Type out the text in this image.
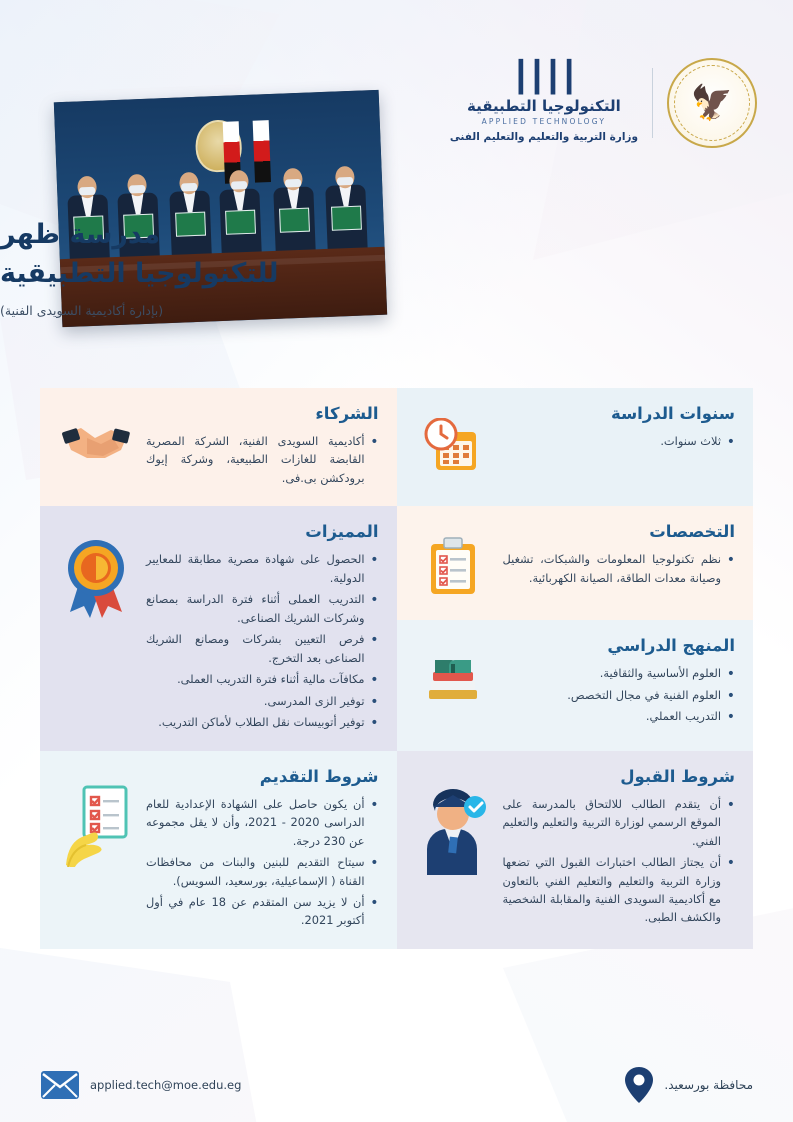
🦅
┃┃┃┃
التكنولوجيا التطبيقية
APPLIED TECHNOLOGY
وزارة التربية والتعليم والتعليم الفنى
مدرسة ظهر
للتكنولوجيا التطبيقية
(بإدارة أكاديمية السويدى الفنية)
سنوات الدراسة
• ثلاث سنوات.
الشركاء
• أكاديمية السويدى الفنية، الشركة المصرية القابضة للغازات الطبيعية، وشركة إيوك برودكشن بى.فى.
التخصصات
• نظم تكنولوجيا المعلومات والشبكات، تشغيل وصيانة معدات الطاقة، الصيانة الكهربائية.
المميزات
• الحصول على شهادة مصرية مطابقة للمعايير الدولية.
• التدريب العملى أثناء فترة الدراسة بمصانع وشركات الشريك الصناعى.
• فرص التعيين بشركات ومصانع الشريك الصناعى بعد التخرج.
• مكافآت مالية أثناء فترة التدريب العملى.
• توفير الزى المدرسى.
• توفير أتوبيسات نقل الطلاب لأماكن التدريب.
المنهج الدراسي
• العلوم الأساسية والثقافية.
• العلوم الفنية في مجال التخصص.
• التدريب العملي.
شروط القبول
• أن يتقدم الطالب للالتحاق بالمدرسة على الموقع الرسمي لوزارة التربية والتعليم والتعليم الفني.
• أن يجتاز الطالب اختبارات القبول التي تضعها وزارة التربية والتعليم والتعليم الفني بالتعاون مع أكاديمية السويدى الفنية والمقابلة الشخصية والكشف الطبى.
شروط التقديم
• أن يكون حاصل على الشهادة الإعدادية للعام الدراسى 2020 - 2021، وأن لا يقل مجموعه عن 230 درجة.
• سيتاح التقديم للبنين والبنات من محافظات القناة ( الإسماعيلية، بورسعيد، السويس).
• أن لا يزيد سن المتقدم عن 18 عام في أول أكتوبر 2021.
محافظة بورسعيد.
applied.tech@moe.edu.eg
